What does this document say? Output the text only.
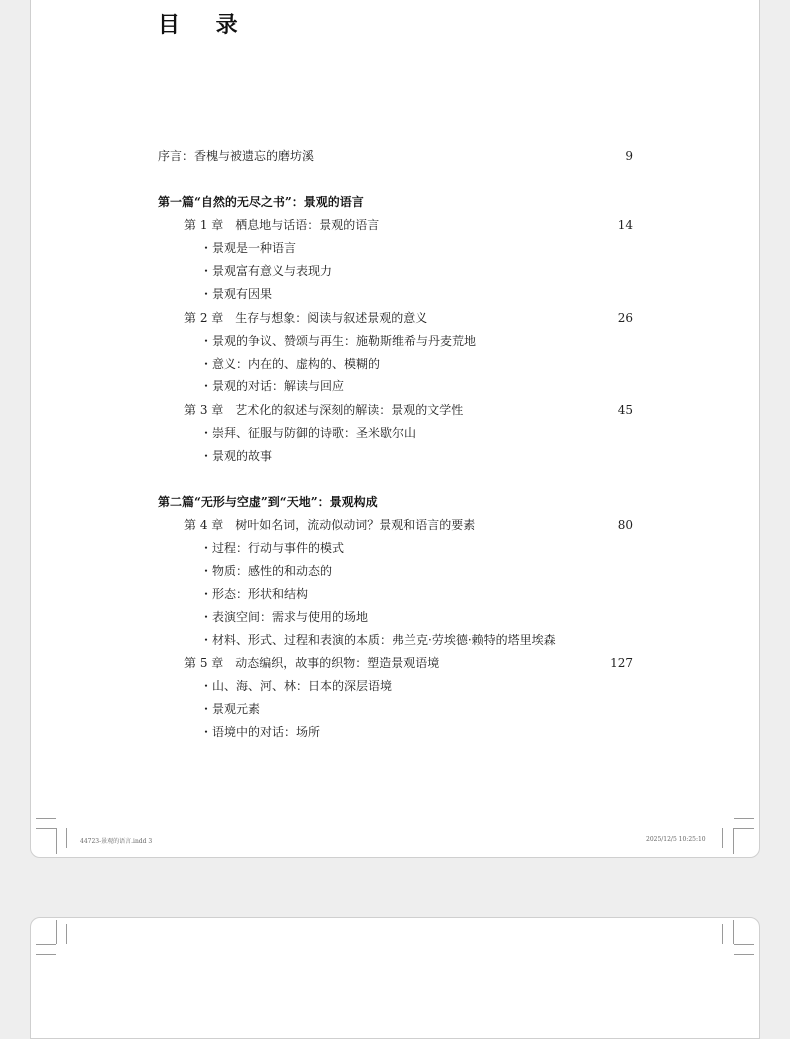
目 录
序言：香槐与被遗忘的磨坊溪	9
第一篇“自然的无尽之书”：景观的语言
第 1 章　栖息地与话语：景观的语言	14
・景观是一种语言
・景观富有意义与表现力
・景观有因果
第 2 章　生存与想象：阅读与叙述景观的意义	26
・景观的争议、赞颂与再生：施勒斯维希与丹麦荒地
・意义：内在的、虚构的、模糊的
・景观的对话：解读与回应
第 3 章　艺术化的叙述与深刻的解读：景观的文学性	45
・崇拜、征服与防御的诗歌：圣米歇尔山
・景观的故事
第二篇“无形与空虚”到“天地”：景观构成
第 4 章　树叶如名词，流动似动词？景观和语言的要素	80
・过程：行动与事件的模式
・物质：感性的和动态的
・形态：形状和结构
・表演空间：需求与使用的场地
・材料、形式、过程和表演的本质：弗兰克·劳埃德·赖特的塔里埃森
第 5 章　动态编织，故事的织物：塑造景观语境	127
・山、海、河、林：日本的深层语境
・景观元素
・语境中的对话：场所
44723-景观的语言.indd 3	2025/12/5 10:25:10
